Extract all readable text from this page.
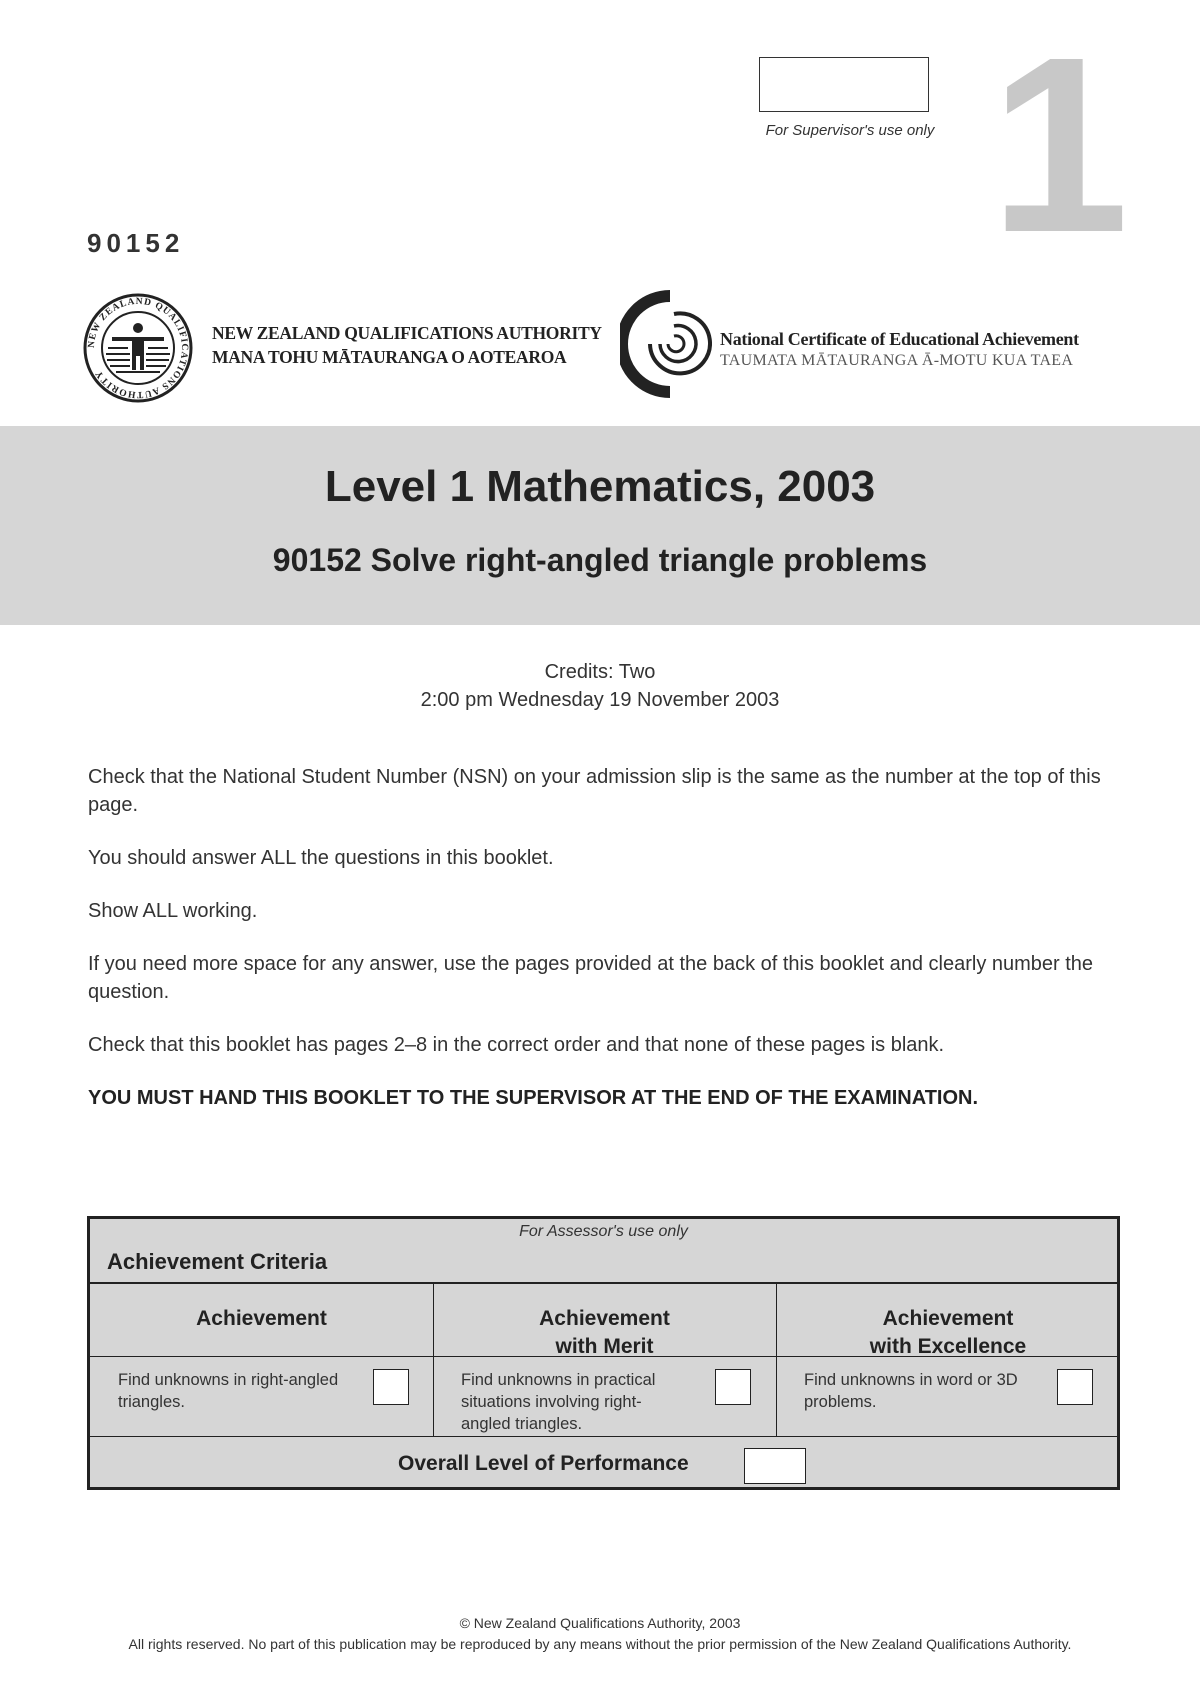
For Supervisor's use only 1
90152
NEW ZEALAND QUALIFICATIONS AUTHORITY
NEW ZEALAND QUALIFICATIONS AUTHORITY
MANA TOHU MĀTAURANGA O AOTEAROA
National Certificate of Educational Achievement
TAUMATA MĀTAURANGA Ā-MOTU KUA TAEA
Level 1 Mathematics, 2003
90152 Solve right-angled triangle problems
Credits: Two
2:00 pm Wednesday 19 November 2003

Check that the National Student Number (NSN) on your admission slip is the same as the number at the top of this page.

You should answer ALL the questions in this booklet.

Show ALL working.

If you need more space for any answer, use the pages provided at the back of this booklet and clearly number the question.

Check that this booklet has pages 2–8 in the correct order and that none of these pages is blank.

YOU MUST HAND THIS BOOKLET TO THE SUPERVISOR AT THE END OF THE EXAMINATION.

For Assessor's use only
Achievement Criteria
Achievement	Achievement
with Merit
Achievement
with Excellence
Find unknowns in right-angled triangles.
Find unknowns in practical situations involving right-angled triangles.
Find unknowns in word or 3D problems.
Overall Level of Performance
© New Zealand Qualifications Authority, 2003
All rights reserved. No part of this publication may be reproduced by any means without the prior permission of the New Zealand Qualifications Authority.
